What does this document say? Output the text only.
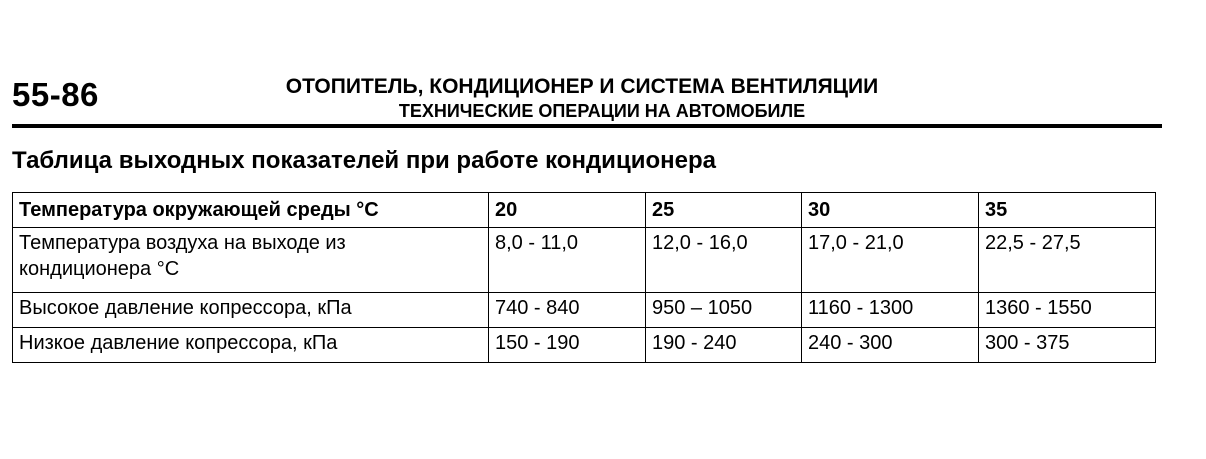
55-86	ОТОПИТЕЛЬ, КОНДИЦИОНЕР И СИСТЕМА ВЕНТИЛЯЦИИ
ТЕХНИЧЕСКИЕ ОПЕРАЦИИ НА АВТОМОБИЛЕ
Таблица выходных показателей при работе кондиционера
Температура окружающей среды °C	20	25	30	35
Температура воздуха на выходе из кондиционера °C	8,0 - 11,0	12,0 - 16,0	17,0 - 21,0	22,5 - 27,5
Высокое давление копрессора, кПа	740 - 840	950 – 1050	1160 - 1300	1360 - 1550
Низкое давление копрессора, кПа	150 - 190	190 - 240	240 - 300	300 - 375
